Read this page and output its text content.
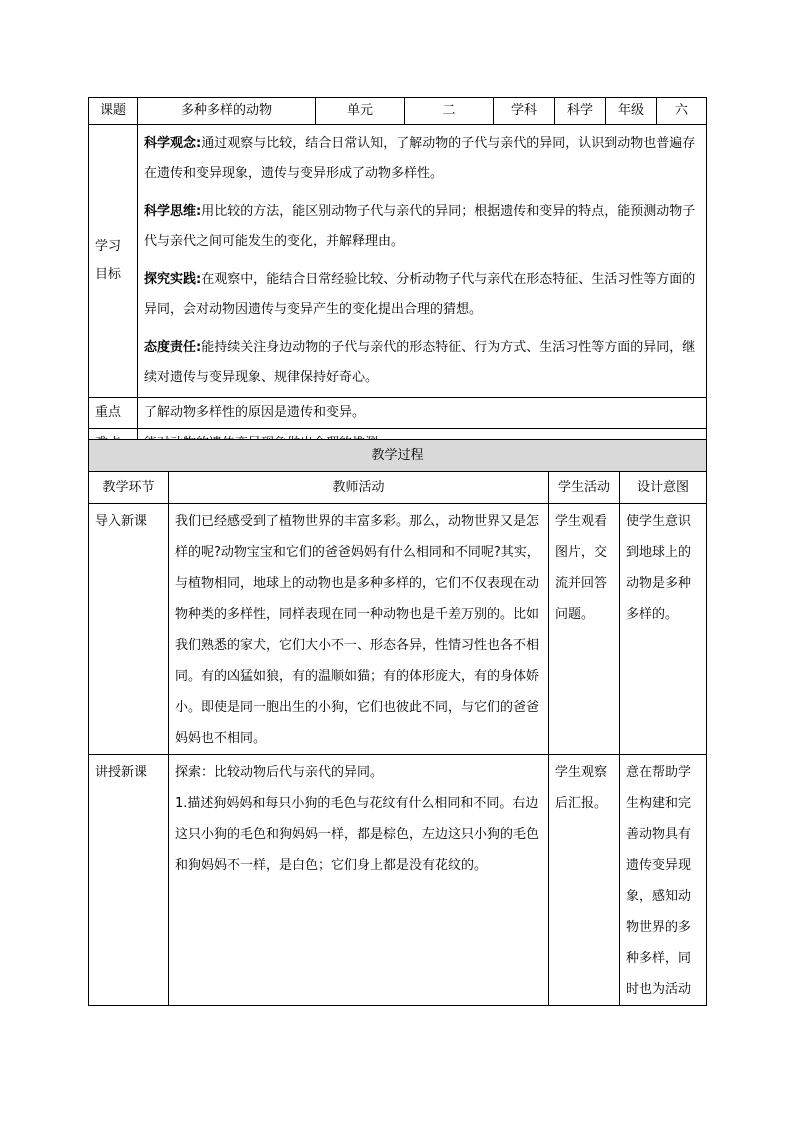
课题	多种多样的动物	单元	二	学科	科学	年级	六

学习目标	科学观念:通过观察与比较，结合日常认知，了解动物的子代与亲代的异同，认识到动物也普遍存在遗传和变异现象，遗传与变异形成了动物多样性。
科学思维:用比较的方法，能区别动物子代与亲代的异同；根据遗传和变异的特点，能预测动物子代与亲代之间可能发生的变化，并解释理由。
探究实践:在观察中，能结合日常经验比较、分析动物子代与亲代在形态特征、生活习性等方面的异同，会对动物因遗传与变异产生的变化提出合理的猜想。
态度责任:能持续关注身边动物的子代与亲代的形态特征、行为方式、生活习性等方面的异同，继续对遗传与变异现象、规律保持好奇心。						

重点	了解动物多样性的原因是遗传和变异。						

教学过程			
教学环节	教师活动	学生活动	设计意图
导入新课	我们已经感受到了植物世界的丰富多彩。那么，动物世界又是怎样的呢?动物宝宝和它们的爸爸妈妈有什么相同和不同呢?其实，与植物相同，地球上的动物也是多种多样的，它们不仅表现在动物种类的多样性，同样表现在同一种动物也是千差万别的。比如我们熟悉的家犬，它们大小不一、形态各异，性情习性也各不相同。有的凶猛如狼，有的温顺如猫；有的体形庞大，有的身体娇小。即使是同一胞出生的小狗，它们也彼此不同，与它们的爸爸妈妈也不相同。	学生观看图片，交流并回答问题。	使学生意识到地球上的动物是多种多样的。
讲授新课	探索：比较动物后代与亲代的异同。

1.描述狗妈妈和每只小狗的毛色与花纹有什么相同和不同。右边这只小狗的毛色和狗妈妈一样，都是棕色，左边这只小狗的毛色和狗妈妈不一样，是白色；它们身上都是没有花纹的。	学生观察后汇报。	意在帮助学生构建和完善动物具有遗传变异现象，感知动物世界的多种多样，同时也为活动
